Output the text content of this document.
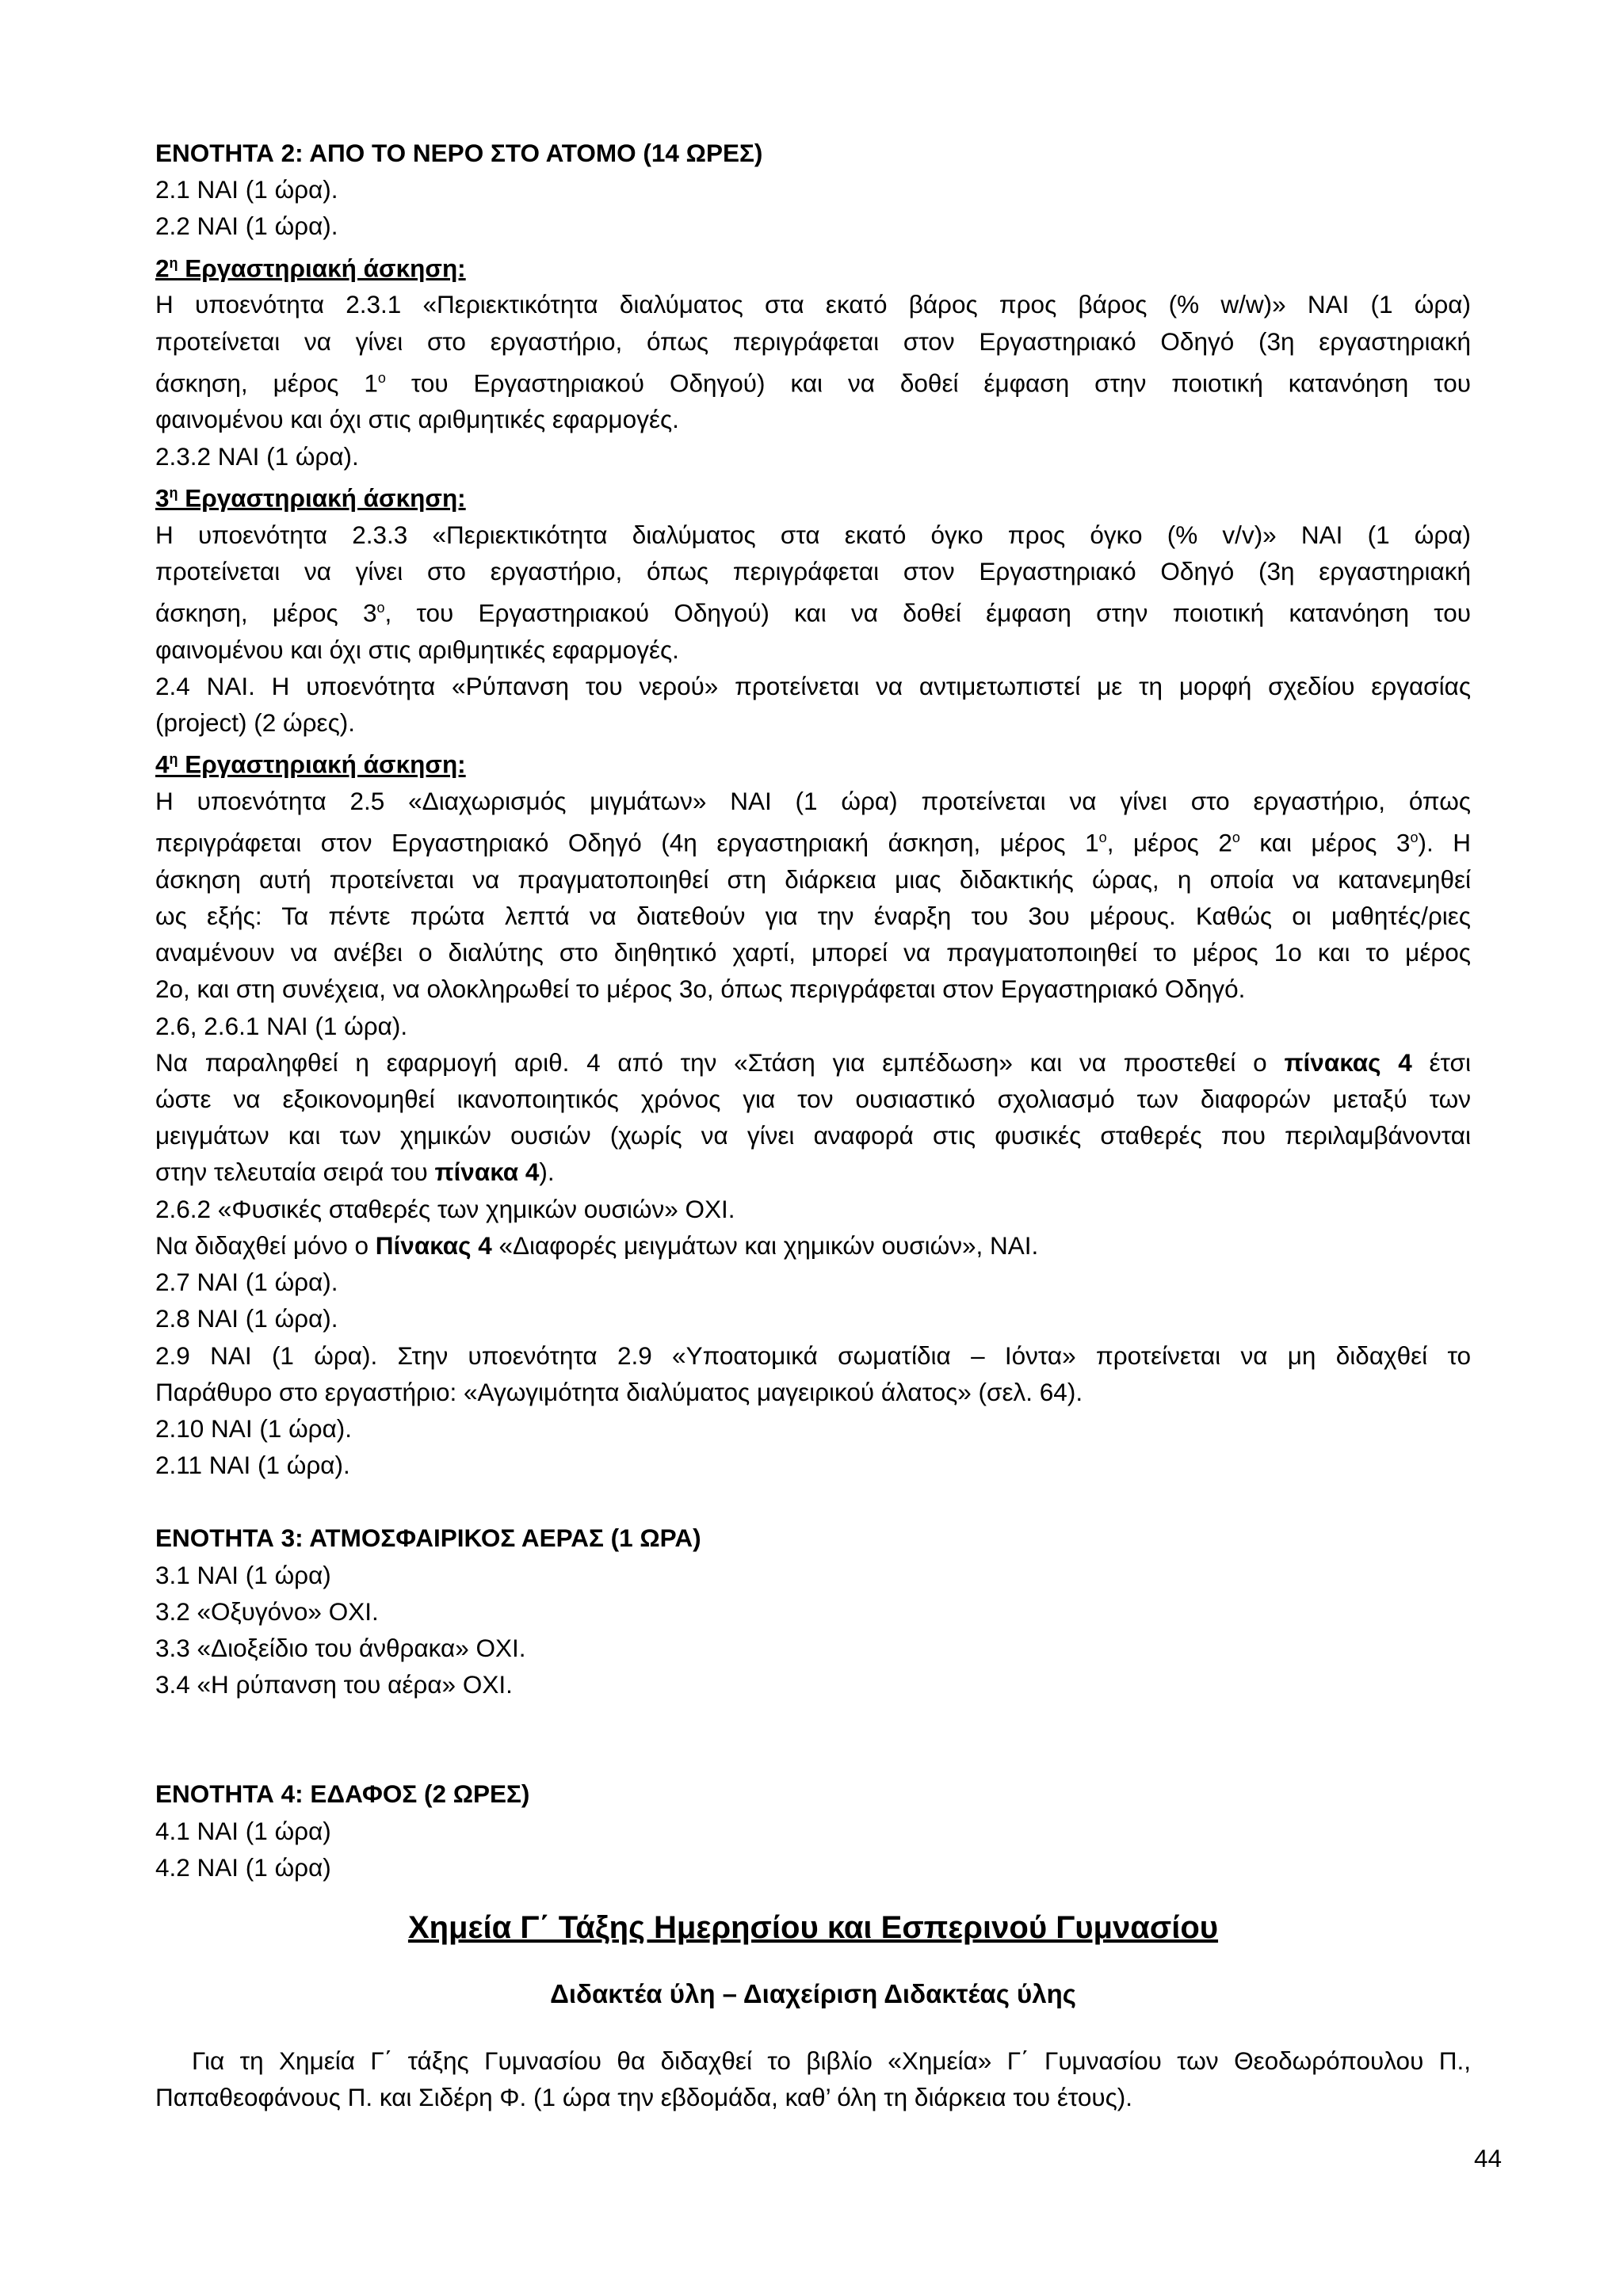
ΕΝΟΤΗΤΑ 2: ΑΠΟ ΤΟ ΝΕΡΟ ΣΤΟ ΑΤΟΜΟ (14 ΩΡΕΣ)

2.1 ΝΑΙ (1 ώρα).

2.2 ΝΑΙ (1 ώρα).

$2^\eta$ Εργαστηριακή άσκηση:

Η υποενότητα 2.3.1 «Περιεκτικότητα διαλύματος στα εκατό βάρος προς βάρος (% w/w)» ΝΑΙ (1 ώρα)

προτείνεται να γίνει στο εργαστήριο, όπως περιγράφεται στον Εργαστηριακό Οδηγό (3η εργαστηριακή

άσκηση, μέρος $1^o$ του Εργαστηριακού Οδηγού) και να δοθεί έμφαση στην ποιοτική κατανόηση του

φαινομένου και όχι στις αριθμητικές εφαρμογές.

2.3.2 ΝΑΙ (1 ώρα).

$3^\eta$ Εργαστηριακή άσκηση:

Η υποενότητα 2.3.3 «Περιεκτικότητα διαλύματος στα εκατό όγκο προς όγκο (% v/v)» ΝΑΙ (1 ώρα)

προτείνεται να γίνει στο εργαστήριο, όπως περιγράφεται στον Εργαστηριακό Οδηγό (3η εργαστηριακή

άσκηση, μέρος $3^o$, του Εργαστηριακού Οδηγού) και να δοθεί έμφαση στην ποιοτική κατανόηση του

φαινομένου και όχι στις αριθμητικές εφαρμογές.

2.4 ΝΑΙ. Η υποενότητα «Ρύπανση του νερού» προτείνεται να αντιμετωπιστεί με τη μορφή σχεδίου εργασίας

(project) (2 ώρες).

$4^\eta$ Εργαστηριακή άσκηση:

Η υποενότητα 2.5 «Διαχωρισμός μιγμάτων» ΝΑΙ (1 ώρα) προτείνεται να γίνει στο εργαστήριο, όπως

περιγράφεται στον Εργαστηριακό Οδηγό (4η εργαστηριακή άσκηση, μέρος $1^o$, μέρος $2^o$ και μέρος $3^o$). Η

άσκηση αυτή προτείνεται να πραγματοποιηθεί στη διάρκεια μιας διδακτικής ώρας, η οποία να κατανεμηθεί

ως εξής: Τα πέντε πρώτα λεπτά να διατεθούν για την έναρξη του 3ου μέρους. Καθώς οι μαθητές/ριες

αναμένουν να ανέβει ο διαλύτης στο διηθητικό χαρτί, μπορεί να πραγματοποιηθεί το μέρος 1ο και το μέρος

2ο, και στη συνέχεια, να ολοκληρωθεί το μέρος 3ο, όπως περιγράφεται στον Εργαστηριακό Οδηγό.

2.6, 2.6.1 ΝΑΙ (1 ώρα).

Να παραληφθεί η εφαρμογή αριθ. 4 από την «Στάση για εμπέδωση» και να προστεθεί ο πίνακας 4 έτσι

ώστε να εξοικονομηθεί ικανοποιητικός χρόνος για τον ουσιαστικό σχολιασμό των διαφορών μεταξύ των

μειγμάτων και των χημικών ουσιών (χωρίς να γίνει αναφορά στις φυσικές σταθερές που περιλαμβάνονται

στην τελευταία σειρά του πίνακα 4).

2.6.2 «Φυσικές σταθερές των χημικών ουσιών» ΟΧΙ.

Να διδαχθεί μόνο ο Πίνακας 4 «Διαφορές μειγμάτων και χημικών ουσιών», ΝΑΙ.

2.7 ΝΑΙ (1 ώρα).

2.8 ΝΑΙ (1 ώρα).

2.9 ΝΑΙ (1 ώρα). Στην υποενότητα 2.9 «Υποατομικά σωματίδια – Ιόντα» προτείνεται να μη διδαχθεί το

Παράθυρο στο εργαστήριο: «Αγωγιμότητα διαλύματος μαγειρικού άλατος» (σελ. 64).

2.10 ΝΑΙ (1 ώρα).

2.11 ΝΑΙ (1 ώρα).

ΕΝΟΤΗΤΑ 3: ΑΤΜΟΣΦΑΙΡΙΚΟΣ ΑΕΡΑΣ (1 ΩΡΑ)

3.1 ΝΑΙ (1 ώρα)

3.2 «Οξυγόνο» ΟΧΙ.

3.3 «Διοξείδιο του άνθρακα» ΟΧΙ.

3.4 «Η ρύπανση του αέρα» ΟΧΙ.

ΕΝΟΤΗΤΑ 4: ΕΔΑΦΟΣ (2 ΩΡΕΣ)

4.1 ΝΑΙ (1 ώρα)

4.2 ΝΑΙ (1 ώρα)

Χημεία Γ΄ Τάξης Ημερησίου και Εσπερινού Γυμνασίου
Διδακτέα ύλη – Διαχείριση Διδακτέας ύλης
Για τη Χημεία Γ΄ τάξης Γυμνασίου θα διδαχθεί το βιβλίο «Χημεία» Γ΄ Γυμνασίου των Θεοδωρόπουλου Π., Παπαθεοφάνους Π. και Σιδέρη Φ. (1 ώρα την εβδομάδα, καθ’ όλη τη διάρκεια του έτους).
44
